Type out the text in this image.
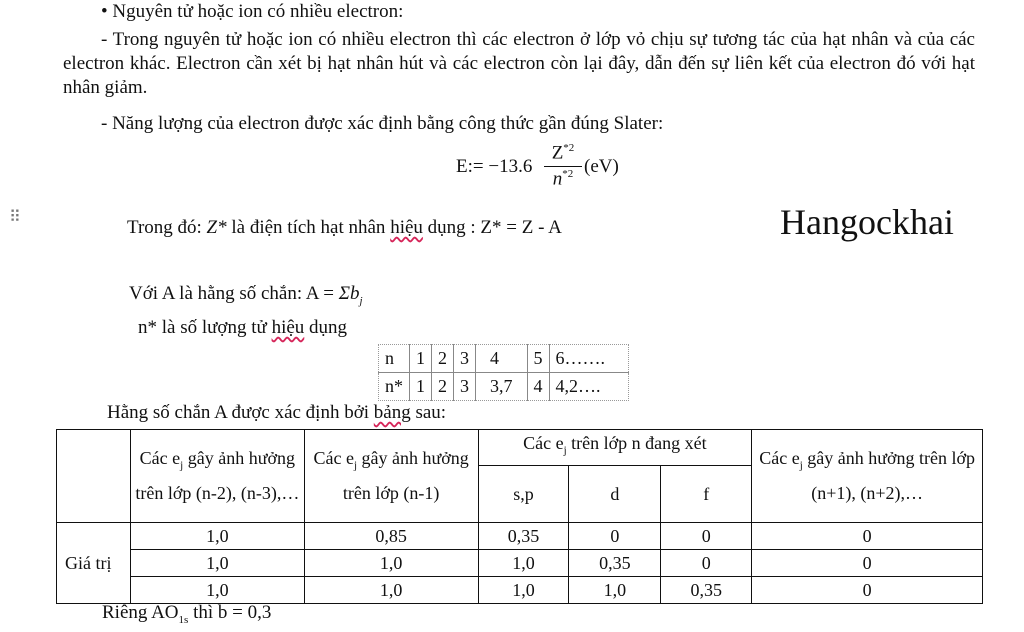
• Nguyên tử hoặc ion có nhiều electron:
- Trong nguyên tử hoặc ion có nhiều electron thì các electron ở lớp vỏ chịu sự tương tác của hạt nhân và của các electron khác. Electron cần xét bị hạt nhân hút và các electron còn lại đây, dẫn đến sự liên kết của electron đó với hạt nhân giảm.
- Năng lượng của electron được xác định bằng công thức gần đúng Slater:
E:= −13.6
$Z^{*2}$
$n^{*2}$ (eV)
⠿
Trong đó: Z* là điện tích hạt nhân hiệu dụng : Z* = Z - A	Hangockhai
Với A là hằng số chắn: $A = \Sigma b_j$
n* là số lượng tử hiệu dụng
n	1	2	3	4	5	6…….
n*	1	2	3	3,7	4	4,2….
Hằng số chắn A được xác định bởi bảng sau:
	Các $e_j$ gây ảnh hưởng trên lớp (n-2), (n-3),…	Các $e_j$ gây ảnh hưởng trên lớp (n-1)	Các $e_j$ trên lớp n đang xét			Các $e_j$ gây ảnh hưởng trên lớp (n+1), (n+2),…
			s,p	d	f	
Giá trị	1,0	0,85	0,35	0	0	0
	1,0	1,0	1,0	0,35	0	0
	1,0	1,0	1,0	1,0	0,35	0
Riêng $AO_{1s}$ thì b = 0,3
